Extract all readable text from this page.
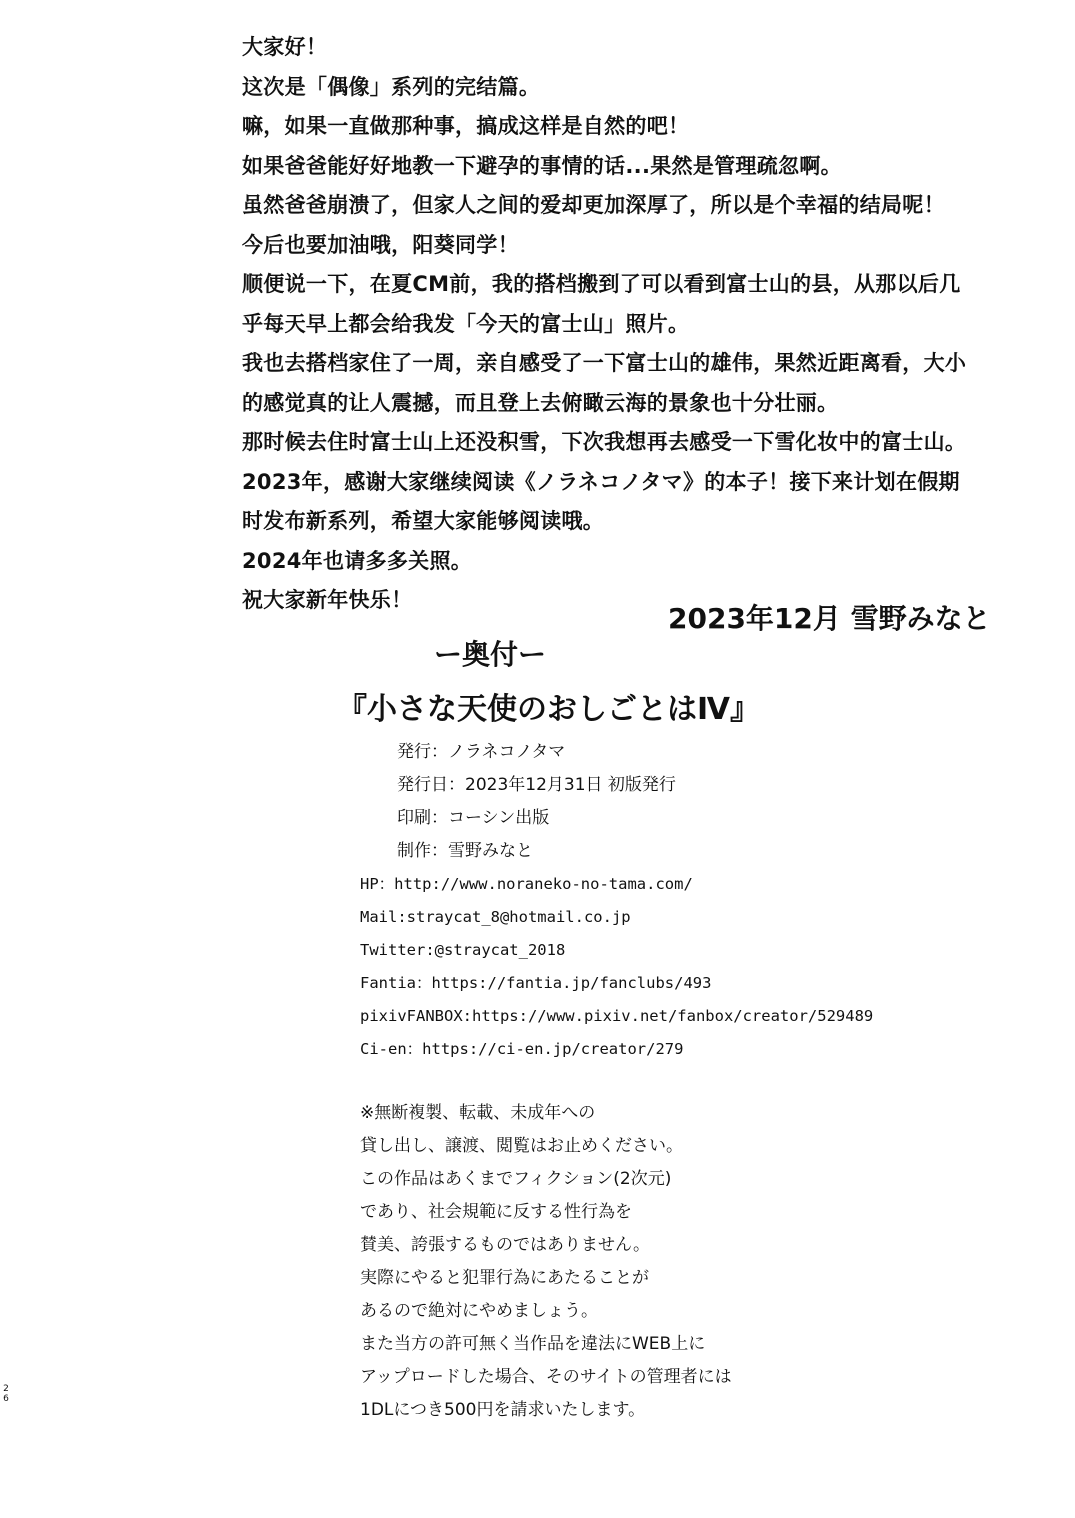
大家好！
这次是「偶像」系列的完结篇。
嘛，如果一直做那种事，搞成这样是自然的吧！
如果爸爸能好好地教一下避孕的事情的话...果然是管理疏忽啊。
虽然爸爸崩溃了，但家人之间的爱却更加深厚了，所以是个幸福的结局呢！
今后也要加油哦，阳葵同学！
顺便说一下，在夏CM前，我的搭档搬到了可以看到富士山的县，从那以后几
乎每天早上都会给我发「今天的富士山」照片。
我也去搭档家住了一周，亲自感受了一下富士山的雄伟，果然近距离看，大小
的感觉真的让人震撼，而且登上去俯瞰云海的景象也十分壮丽。
那时候去住时富士山上还没积雪，下次我想再去感受一下雪化妆中的富士山。
2023年，感谢大家继续阅读《ノラネコノタマ》的本子！接下来计划在假期
时发布新系列，希望大家能够阅读哦。
2024年也请多多关照。
祝大家新年快乐！
2023年12月 雪野みなと
ー奥付ー
『小さな天使のおしごとはⅣ』
発行：ノラネコノタマ
発行日：2023年12月31日 初版発行
印刷：コーシン出版
制作：雪野みなと
HP：http://www.noraneko-no-tama.com/
Mail:straycat_8@hotmail.co.jp
Twitter:@straycat_2018
Fantia：https://fantia.jp/fanclubs/493
pixivFANBOX:https://www.pixiv.net/fanbox/creator/529489
Ci-en：https://ci-en.jp/creator/279
※無断複製、転載、未成年への
貸し出し、譲渡、閲覧はお止めください。
この作品はあくまでフィクション(2次元)
であり、社会規範に反する性行為を
賛美、誇張するものではありません。
実際にやると犯罪行為にあたることが
あるので絶対にやめましょう。
また当方の許可無く当作品を違法にWEB上に
アップロードした場合、そのサイトの管理者には
1DLにつき500円を請求いたします。
26
